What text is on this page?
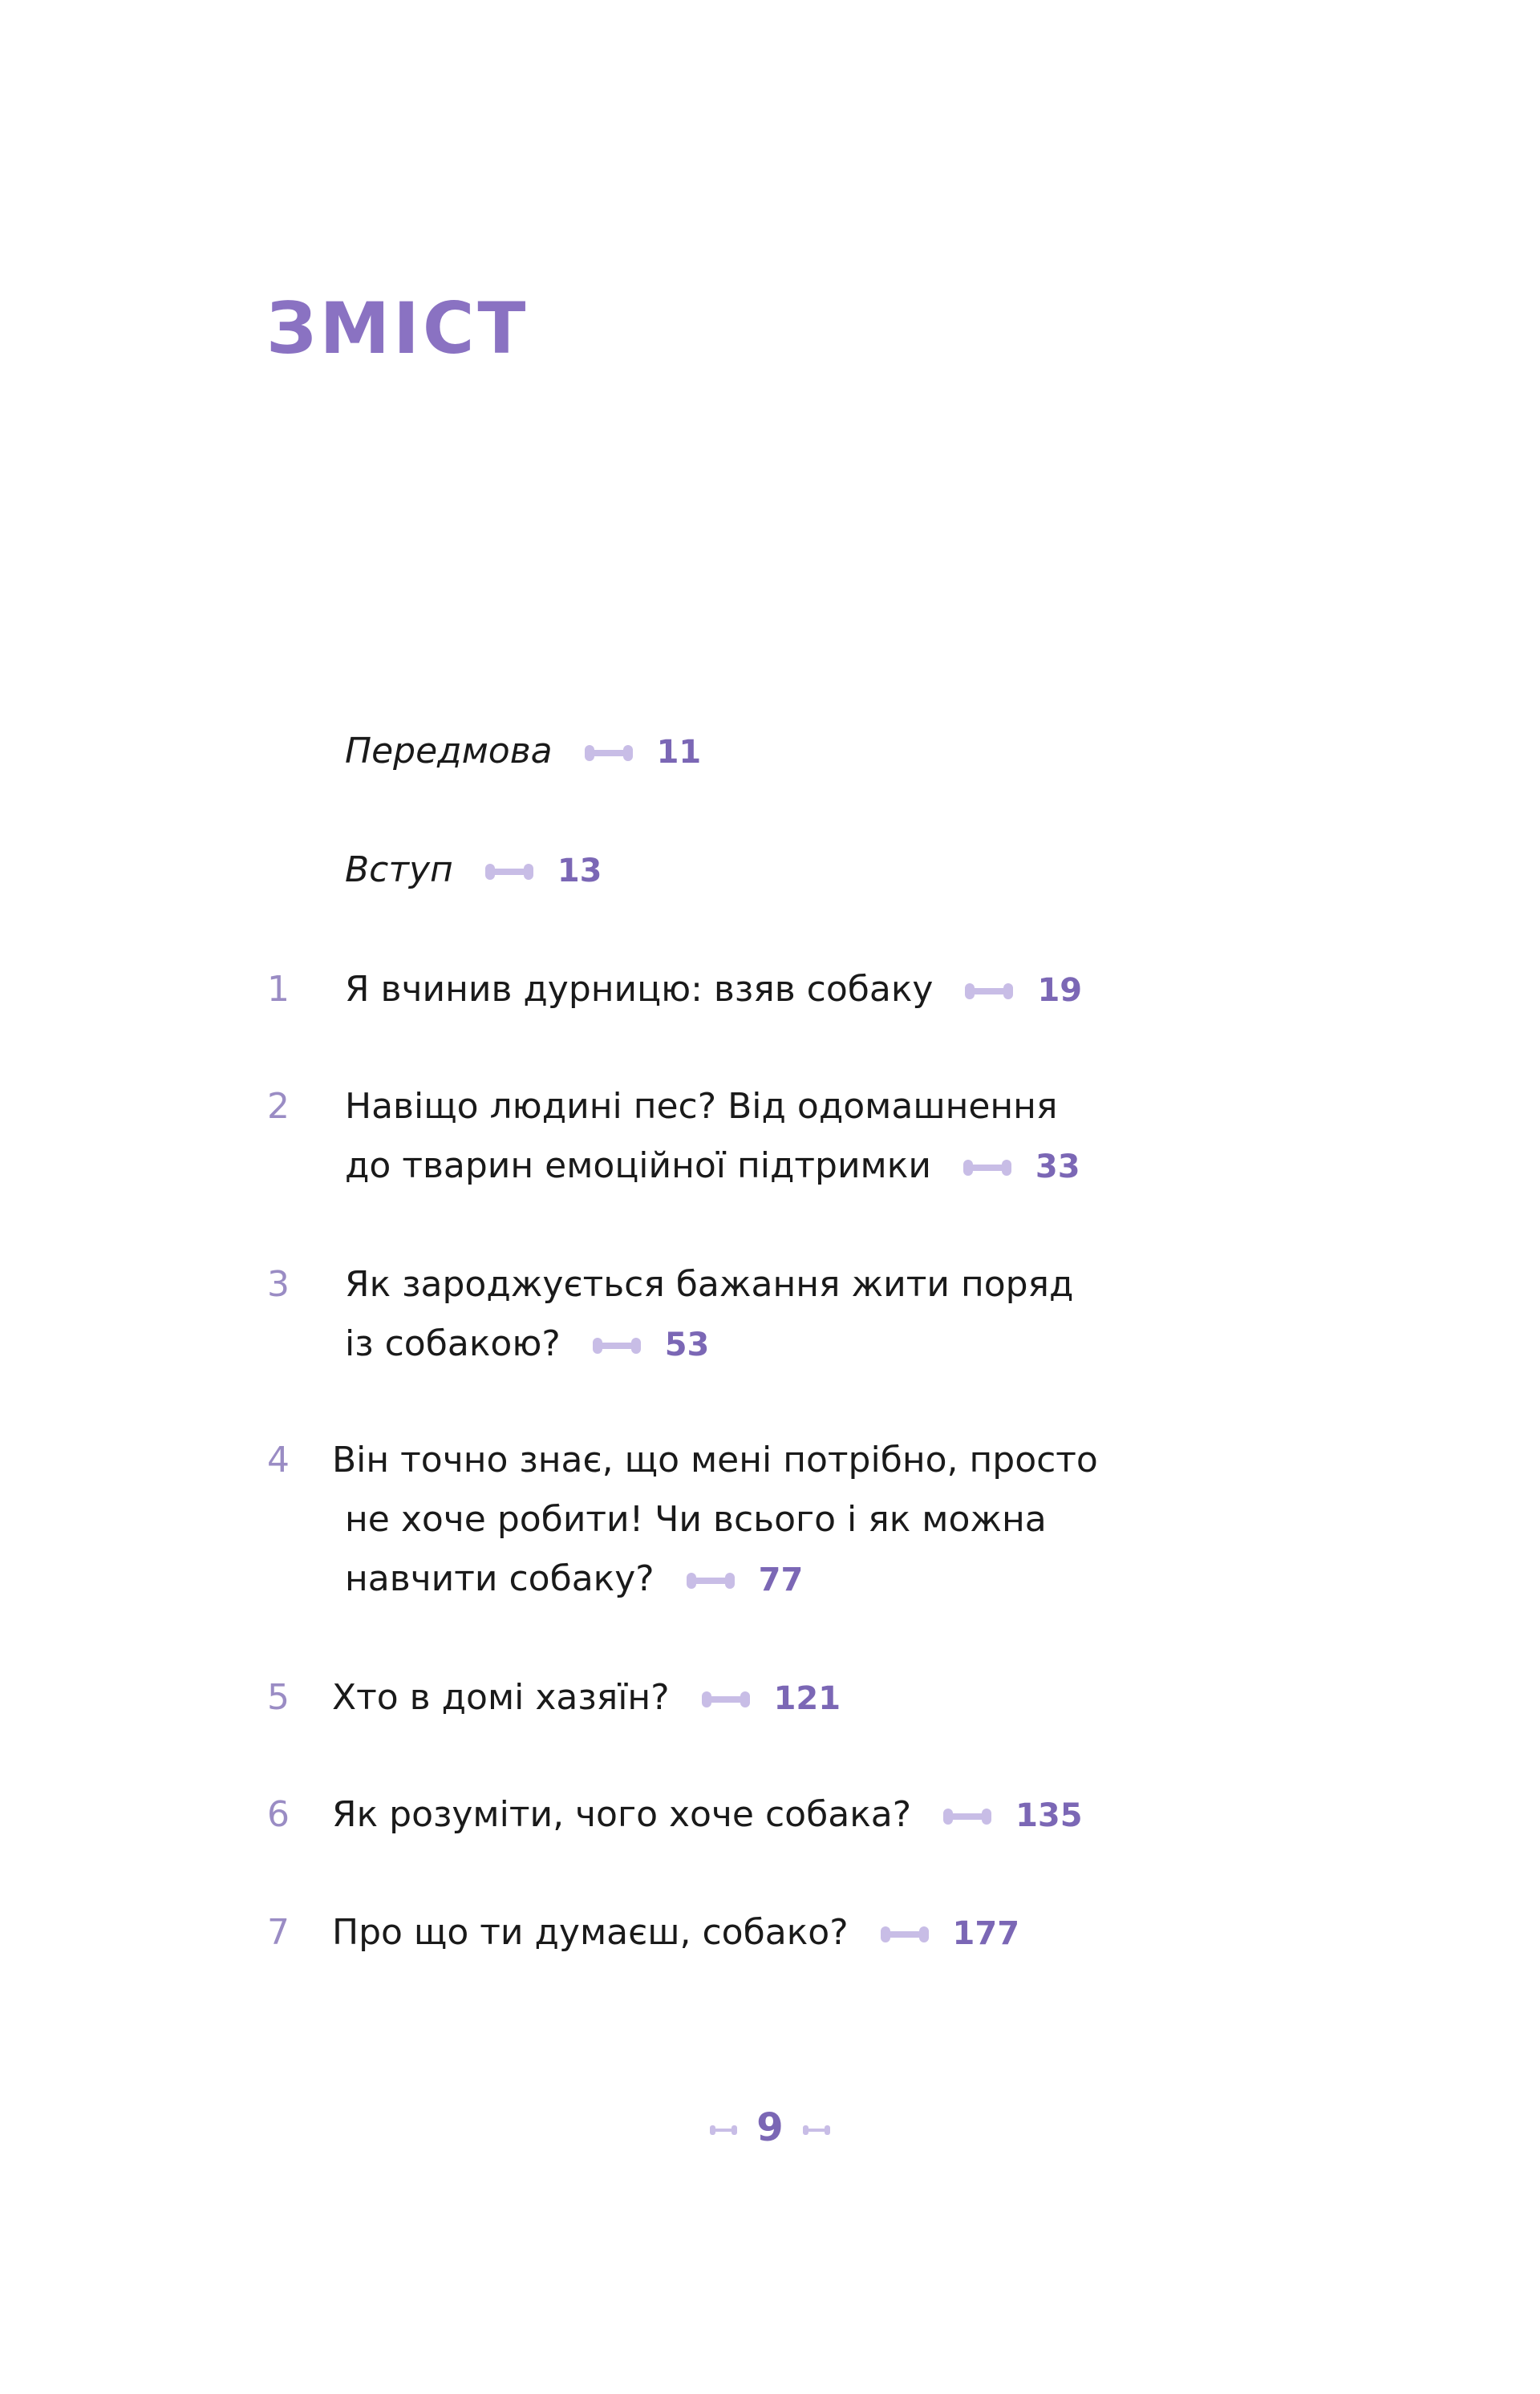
ЗМІСТ
Передмова	11
Вступ	13
1 Я вчинив дурницю: взяв собаку	19
2 Навіщо людині пес? Від одомашнення
до тварин емоційної підтримки	33
3 Як зароджується бажання жити поряд
із собакою?	53
4 Він точно знає, що мені потрібно, просто
не хоче робити! Чи всього і як можна
навчити собаку?	77
5 Хто в домі хазяїн?	121
6 Як розуміти, чого хоче собака?	135
7 Про що ти думаєш, собако?	177
9
